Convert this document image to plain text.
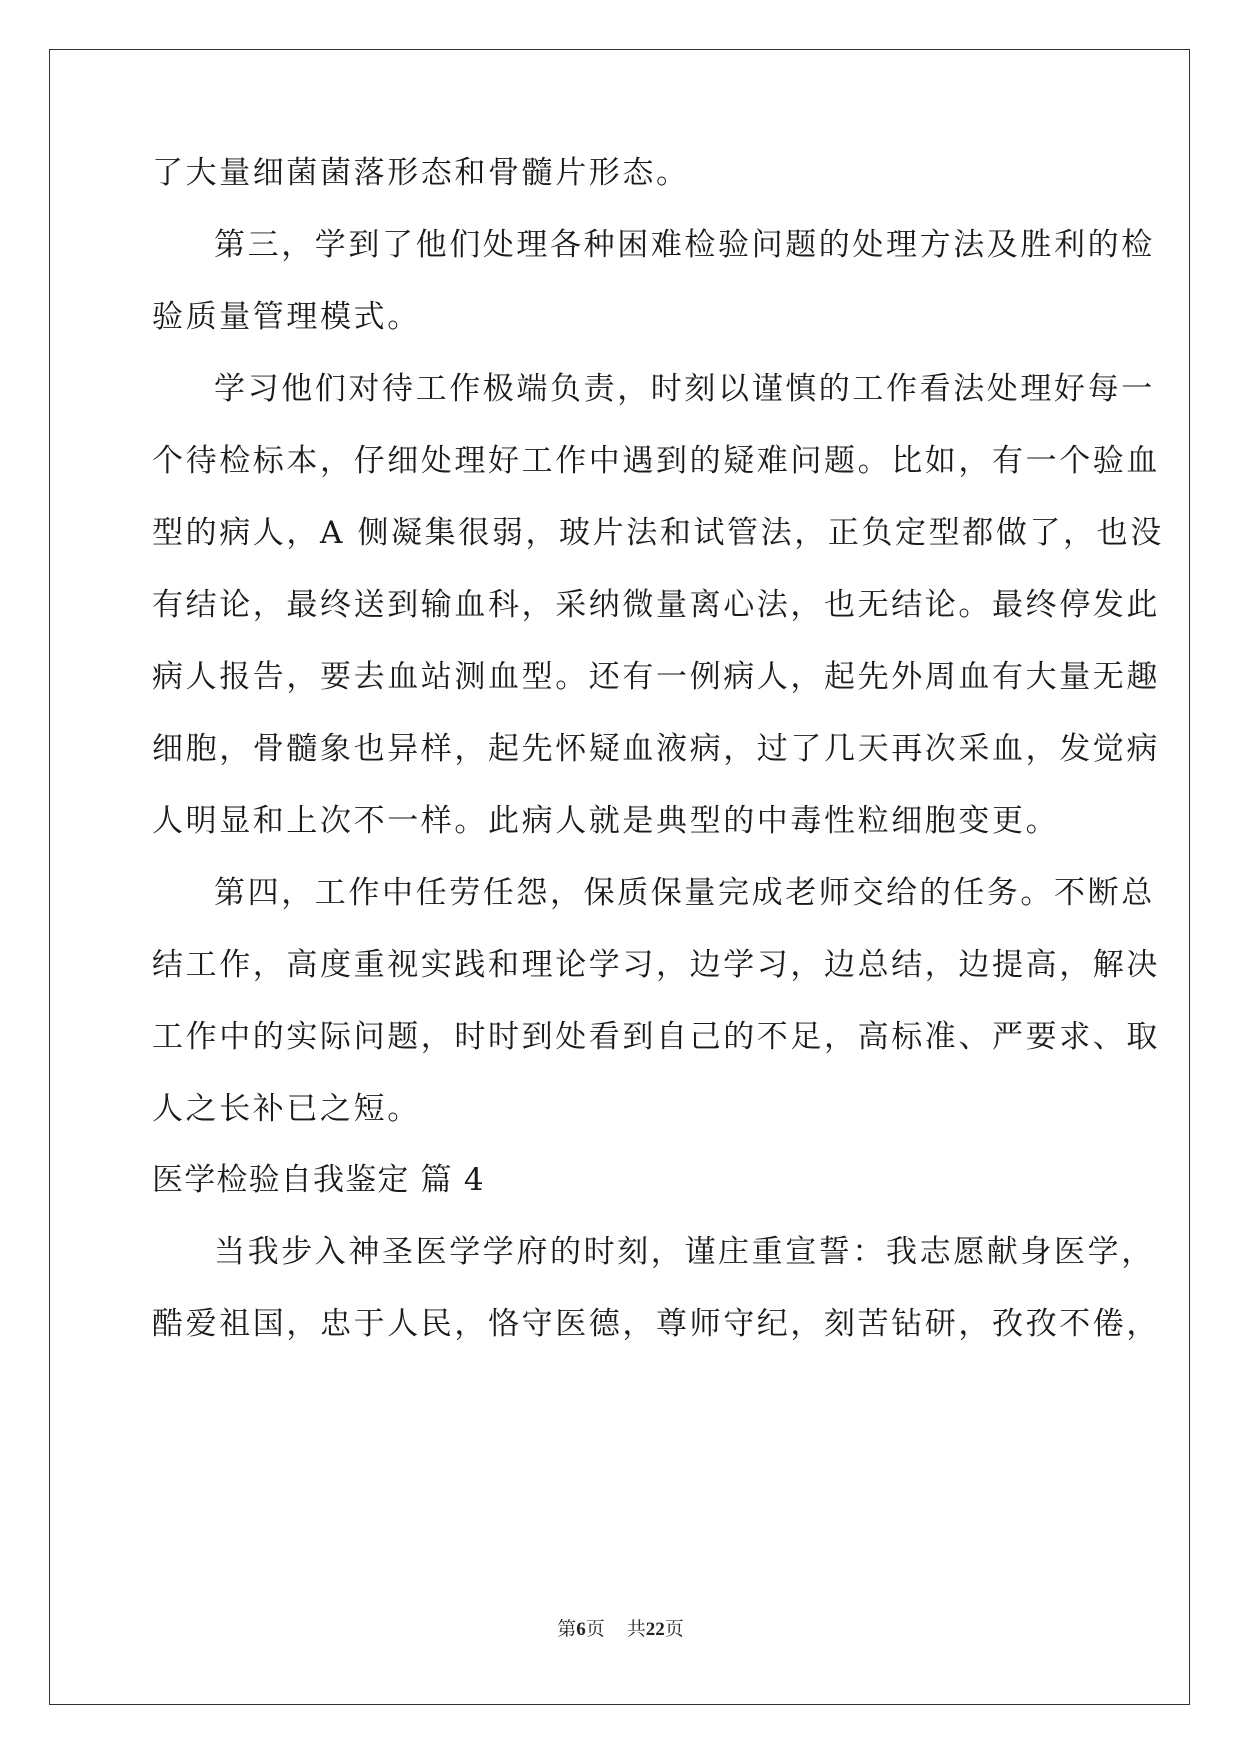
了大量细菌菌落形态和骨髓片形态。
第三，学到了他们处理各种困难检验问题的处理方法及胜利的检
验质量管理模式。
学习他们对待工作极端负责，时刻以谨慎的工作看法处理好每一
个待检标本，仔细处理好工作中遇到的疑难问题。比如，有一个验血
型的病人，A 侧凝集很弱，玻片法和试管法，正负定型都做了，也没
有结论，最终送到输血科，采纳微量离心法，也无结论。最终停发此
病人报告，要去血站测血型。还有一例病人，起先外周血有大量无趣
细胞，骨髓象也异样，起先怀疑血液病，过了几天再次采血，发觉病
人明显和上次不一样。此病人就是典型的中毒性粒细胞变更。
第四，工作中任劳任怨，保质保量完成老师交给的任务。不断总
结工作，高度重视实践和理论学习，边学习，边总结，边提高，解决
工作中的实际问题，时时到处看到自己的不足，高标准、严要求、取
人之长补已之短。
医学检验自我鉴定 篇 4
当我步入神圣医学学府的时刻，谨庄重宣誓：我志愿献身医学，
酷爱祖国，忠于人民，恪守医德，尊师守纪，刻苦钻研，孜孜不倦，
第6页 共22页
